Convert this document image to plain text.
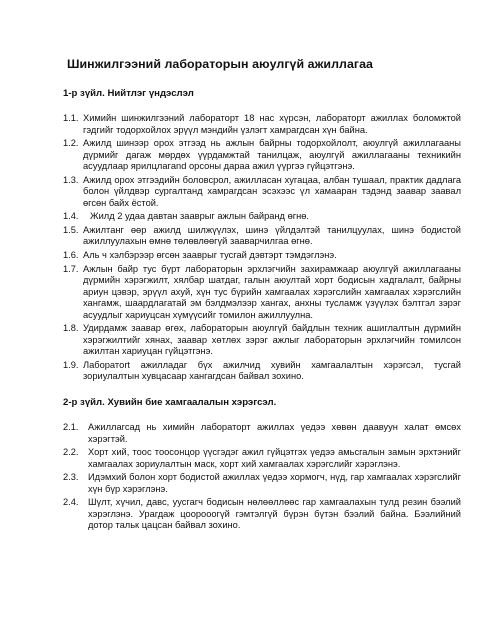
Шинжилгээний лабораторын аюулгүй ажиллагаа
1-р зүйл. Нийтлэг үндэслэл
1.1. Химийн шинжилгээний лабораторт 18 нас хүрсэн, лабораторт ажиллах боломжтой гэдгийг тодорхойлох эрүүл мэндийн үзлэгт хамрагдсан хүн байна.
1.2. Ажилд шинээр орох этгээд нь ажлын байрны тодорхойлолт, аюулгүй ажиллагааны дүрмийг дагаж мөрдөх үүрдамжтай танилцаж, аюулгүй ажиллагааны техникийн асуудлаар ярилцлагand орсоны дараа ажил үүргээ гүйцэтгэнэ.
1.3. Ажилд орох этгээдийн боловсрол, ажилласан хугацаа, албан тушаал, практик дадлага болон үйлдвэр сургалтанд хамрагдсан эсэхээс үл хамааран тэдэнд заавар заавал өгсөн байх ёстой.
1.4.	Жилд 2 удаа давтан зааврыг ажлын байранд өгнө.
1.5. Ажилтанг өөр ажилд шилжүүлэх, шинэ үйлдэлтэй танилцуулах, шинэ бодистой ажиллуулахын өмнө төлөвлөөгүй зааварчилгаа өгнө.
1.6. Аль ч хэлбэрээр өгсөн зааврыг тусгай дэвтэрт тэмдэглэнэ.
1.7. Ажлын байр тус бүрт лабораторын эрхлэгчийн захирамжаар аюулгүй ажиллагааны дүрмийн хэрэгжилт, хялбар шатдаг, галын аюултай хорт бодисын хадгалалт, байрны ариун цэвэр, эрүүл ахуй, хүн тус бүрийн хамгаалах хэрэгслийн хамгаалах хэрэгслийн хангамж, шаардлагатай эм бэлдмэлээр хангах, анхны тусламж үзүүлэх бэлтгэл зэрэг асуудлыг хариуцсан хүмүүсийг томилон ажиллуулна.
1.8. Удирдамж заавар өгөх, лабораторын аюулгүй байдлын техник ашиглалтын дүрмийн хэрэгжилтийг хянах, заавар хөтлөх зэрэг ажлыг лабораторын эрхлэгчийн томилсон ажилтан хариуцан гүйцэтгэнэ.
1.9. Лаборатort ажилладаг бүх ажилчид хувийн хамгаалалтын хэрэгсэл, тусгай зориулалтын хувцасаар хангагдсан байвал зохино.
2-р зүйл. Хувийн бие хамгаалалын хэрэгсэл.
2.1.	Ажиллагсад нь химийн лабораторт ажиллах үедээ хөвөн даавуун халат өмсөх хэрэгтэй.
2.2.	Хорт хий, тоос тоосонцор үүсгэдэг ажил гүйцэтгэх үедээ амьсгалын замын эрхтэнийг хамгаалах зориулалтын маск, хорт хий хамгаалах хэрэгслийг хэрэглэнэ.
2.3.	Идэмхий болон хорт бодистой ажиллах үедээ хормогч, нүд, гар хамгаалах хэрэгслийг хүн бүр хэрэглэнэ.
2.4.	Шүлт, хүчил, давс, уусгагч бодисын нөлөөллөөс гар хамгаалахын тулд резин бээлий хэрэглэнэ. Урагдаж цоорооогүй гэмтэлгүй бүрэн бүтэн бээлий байна. Бээлийний дотор тальк цацсан байвал зохино.
